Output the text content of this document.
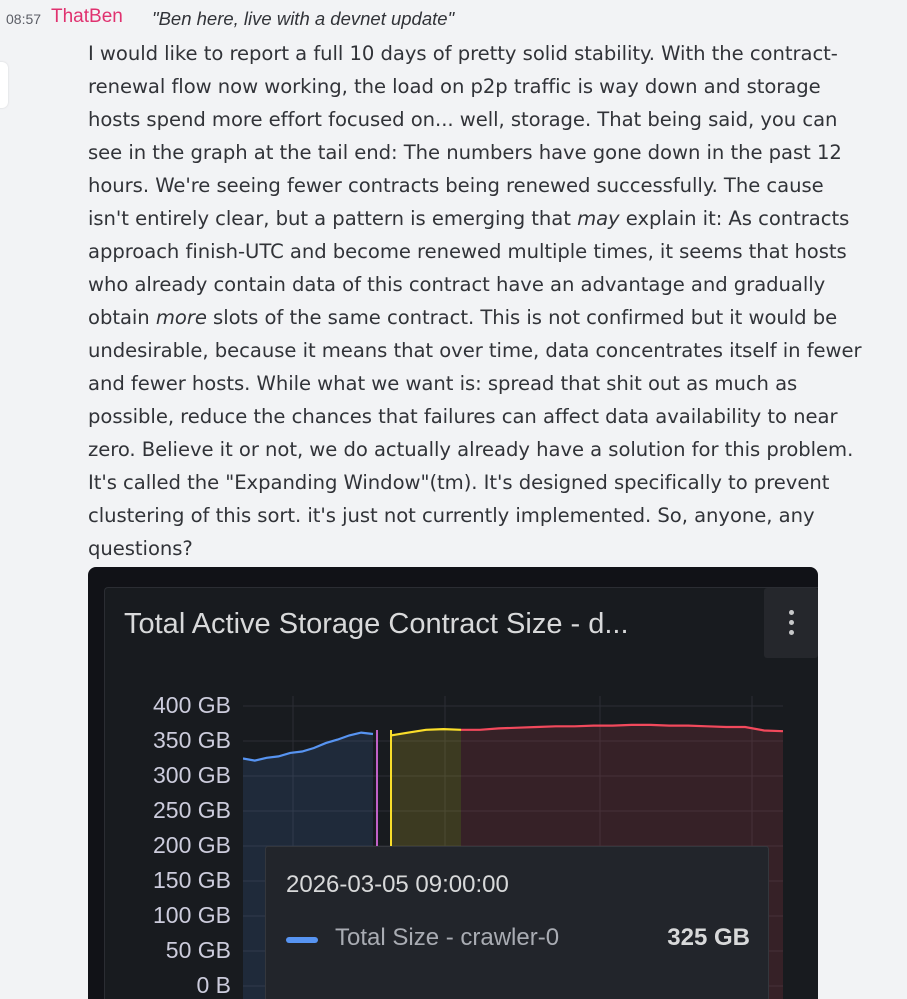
08:57 ThatBen "Ben here, live with a devnet update"
I would like to report a full 10 days of pretty solid stability. With the contract-
renewal flow now working, the load on p2p traffic is way down and storage
hosts spend more effort focused on... well, storage. That being said, you can
see in the graph at the tail end: The numbers have gone down in the past 12
hours. We're seeing fewer contracts being renewed successfully. The cause
isn't entirely clear, but a pattern is emerging that may explain it: As contracts
approach finish-UTC and become renewed multiple times, it seems that hosts
who already contain data of this contract have an advantage and gradually
obtain more slots of the same contract. This is not confirmed but it would be
undesirable, because it means that over time, data concentrates itself in fewer
and fewer hosts. While what we want is: spread that shit out as much as
possible, reduce the chances that failures can affect data availability to near
zero. Believe it or not, we do actually already have a solution for this problem.
It's called the "Expanding Window"(tm). It's designed specifically to prevent
clustering of this sort. it's just not currently implemented. So, anyone, any
questions?
Total Active Storage Contract Size - d...
400 GB
350 GB
300 GB
250 GB
200 GB
150 GB
100 GB
50 GB
0 B
2026-03-05 09:00:00
Total Size - crawler-0	325 GB
